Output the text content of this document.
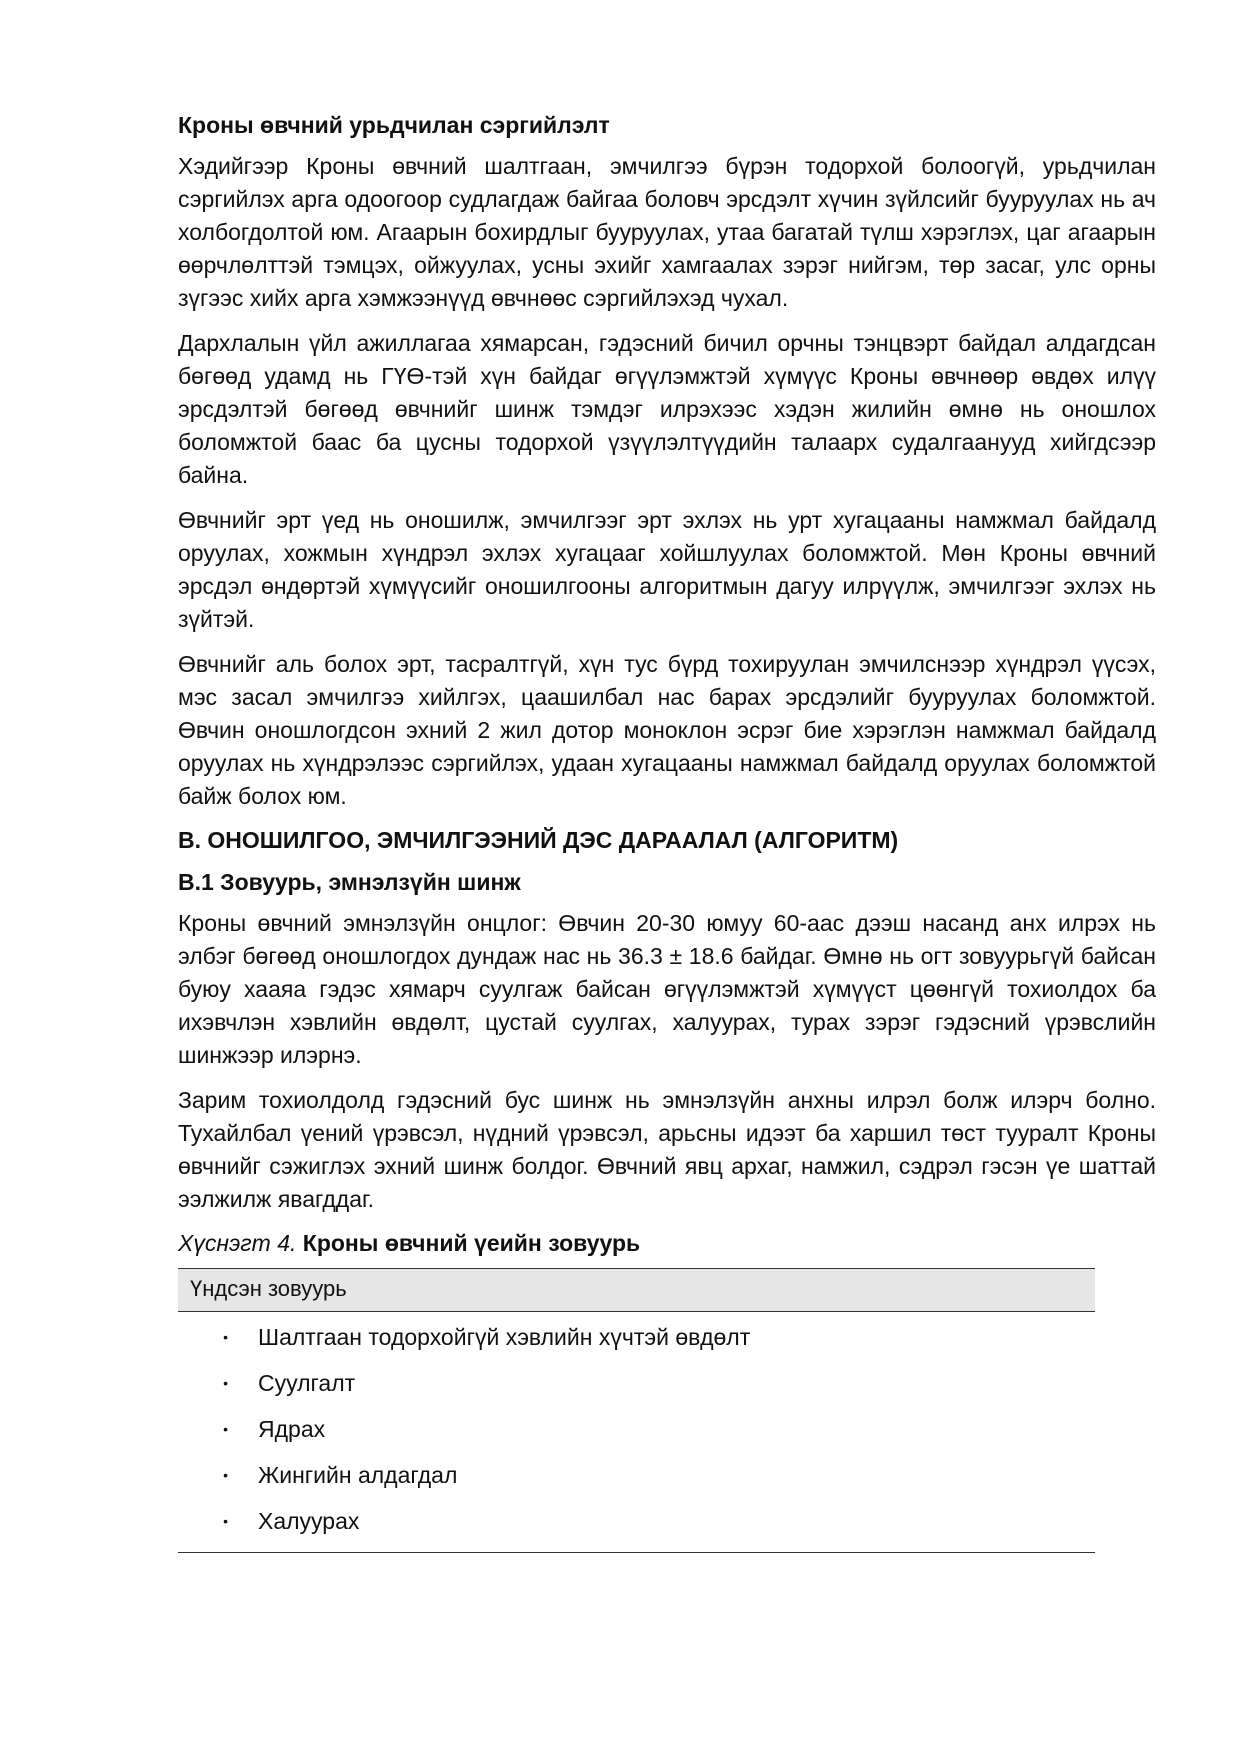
Кроны өвчний урьдчилан сэргийлэлт

Хэдийгээр Кроны өвчний шалтгаан, эмчилгээ бүрэн тодорхой болоогүй, урьдчилан сэргийлэх арга одоогоор судлагдаж байгаа боловч эрсдэлт хүчин зүйлсийг бууруулах нь ач холбогдолтой юм. Агаарын бохирдлыг бууруулах, утаа багатай түлш хэрэглэх, цаг агаарын өөрчлөлттэй тэмцэх, ойжуулах, усны эхийг хамгаалах зэрэг нийгэм, төр засаг, улс орны зүгээс хийх арга хэмжээнүүд өвчнөөс сэргийлэхэд чухал.

Дархлалын үйл ажиллагаа хямарсан, гэдэсний бичил орчны тэнцвэрт байдал алдагдсан бөгөөд удамд нь ГҮӨ-тэй хүн байдаг өгүүлэмжтэй хүмүүс Кроны өвчнөөр өвдөх илүү эрсдэлтэй бөгөөд өвчнийг шинж тэмдэг илрэхээс хэдэн жилийн өмнө нь оношлох боломжтой баас ба цусны тодорхой үзүүлэлтүүдийн талаарх судалгаанууд хийгдсээр байна.

Өвчнийг эрт үед нь оношилж, эмчилгээг эрт эхлэх нь урт хугацааны намжмал байдалд оруулах, хожмын хүндрэл эхлэх хугацааг хойшлуулах боломжтой. Мөн Кроны өвчний эрсдэл өндөртэй хүмүүсийг оношилгооны алгоритмын дагуу илрүүлж, эмчилгээг эхлэх нь зүйтэй.

Өвчнийг аль болох эрт, тасралтгүй, хүн тус бүрд тохируулан эмчилснээр хүндрэл үүсэх, мэс засал эмчилгээ хийлгэх, цаашилбал нас барах эрсдэлийг бууруулах боломжтой. Өвчин оношлогдсон эхний 2 жил дотор моноклон эсрэг бие хэрэглэн намжмал байдалд оруулах нь хүндрэлээс сэргийлэх, удаан хугацааны намжмал байдалд оруулах боломжтой байж болох юм.

B. ОНОШИЛГОО, ЭМЧИЛГЭЭНИЙ ДЭС ДАРААЛАЛ (АЛГОРИТМ)
B.1 Зовуурь, эмнэлзүйн шинж

Кроны өвчний эмнэлзүйн онцлог: Өвчин 20-30 юмуу 60-аас дээш насанд анх илрэх нь элбэг бөгөөд оношлогдох дундаж нас нь 36.3 ± 18.6 байдаг. Өмнө нь огт зовуурьгүй байсан буюу хааяа гэдэс хямарч суулгаж байсан өгүүлэмжтэй хүмүүст цөөнгүй тохиолдох ба ихэвчлэн хэвлийн өвдөлт, цустай суулгах, халуурах, турах зэрэг гэдэсний үрэвслийн шинжээр илэрнэ.

Зарим тохиолдолд гэдэсний бус шинж нь эмнэлзүйн анхны илрэл болж илэрч болно. Тухайлбал үений үрэвсэл, нүдний үрэвсэл, арьсны идээт ба харшил төст тууралт Кроны өвчнийг сэжиглэх эхний шинж болдог. Өвчний явц архаг, намжил, сэдрэл гэсэн үе шаттай ээлжилж явагддаг.

Хүснэгт 4. Кроны өвчний үеийн зовуурь
Үндсэн зовуурь
•	Шалтгаан тодорхойгүй хэвлийн хүчтэй өвдөлт
•	Суулгалт
•	Ядрах
•	Жингийн алдагдал
•	Халуурах
